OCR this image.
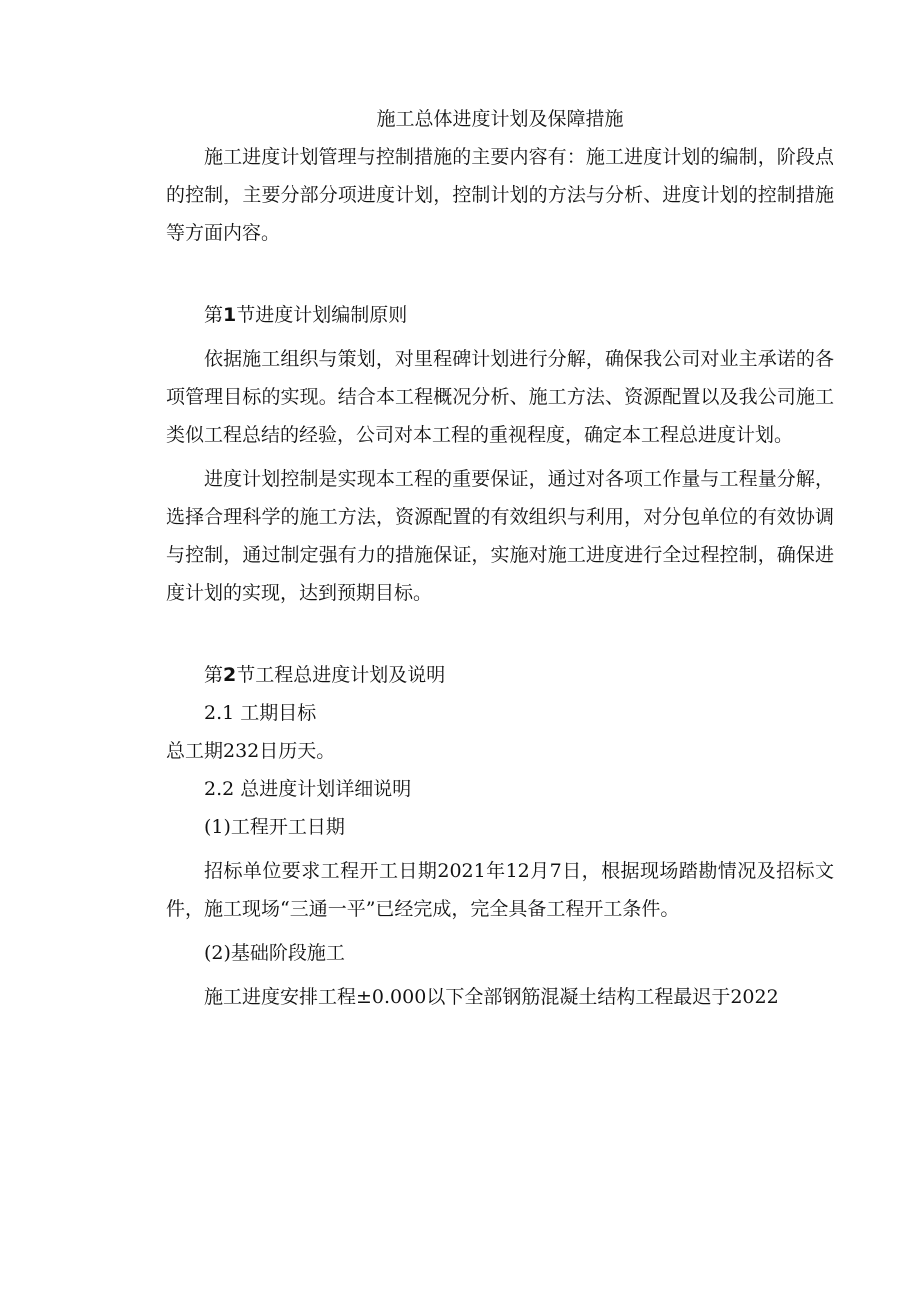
施工总体进度计划及保障措施

施工进度计划管理与控制措施的主要内容有：施工进度计划的编制，阶段点的控制，主要分部分项进度计划，控制计划的方法与分析、进度计划的控制措施等方面内容。

第1节进度计划编制原则

依据施工组织与策划，对里程碑计划进行分解，确保我公司对业主承诺的各项管理目标的实现。结合本工程概况分析、施工方法、资源配置以及我公司施工类似工程总结的经验，公司对本工程的重视程度，确定本工程总进度计划。

进度计划控制是实现本工程的重要保证，通过对各项工作量与工程量分解，选择合理科学的施工方法，资源配置的有效组织与利用，对分包单位的有效协调与控制，通过制定强有力的措施保证，实施对施工进度进行全过程控制，确保进度计划的实现，达到预期目标。

第2节工程总进度计划及说明

2.1 工期目标

总工期232日历天。

2.2 总进度计划详细说明

(1)工程开工日期

招标单位要求工程开工日期2021年12月7日，根据现场踏勘情况及招标文件，施工现场“三通一平”已经完成，完全具备工程开工条件。

(2)基础阶段施工

施工进度安排工程±0.000以下全部钢筋混凝土结构工程最迟于2022
